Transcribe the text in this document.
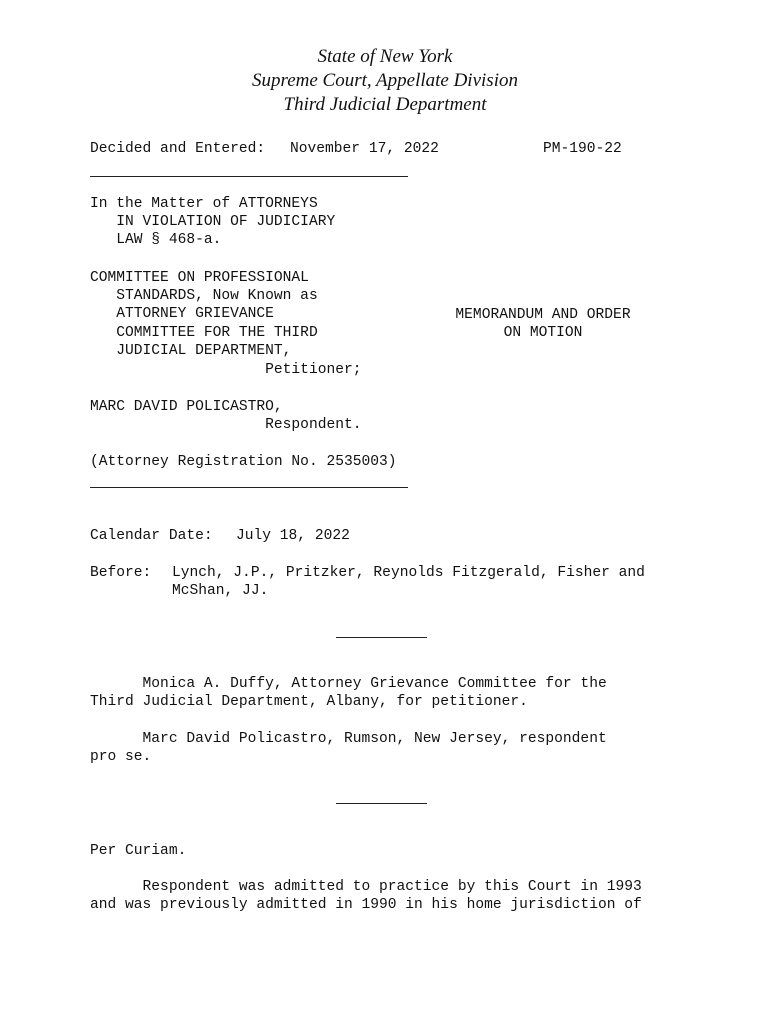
State of New York
Supreme Court, Appellate Division
Third Judicial Department
Decided and Entered: November 17, 2022	PM-190-22
In the Matter of ATTORNEYS
IN VIOLATION OF JUDICIARY
LAW § 468-a.
COMMITTEE ON PROFESSIONAL
STANDARDS, Now Known as
ATTORNEY GRIEVANCE
COMMITTEE FOR THE THIRD
JUDICIAL DEPARTMENT,
Petitioner;
MEMORANDUM AND ORDER
ON MOTION
MARC DAVID POLICASTRO,
Respondent.
(Attorney Registration No. 2535003)
Calendar Date: July 18, 2022
Before: Lynch, J.P., Pritzker, Reynolds Fitzgerald, Fisher and
McShan, JJ.
Monica A. Duffy, Attorney Grievance Committee for the
Third Judicial Department, Albany, for petitioner.
Marc David Policastro, Rumson, New Jersey, respondent
pro se.
Per Curiam.
Respondent was admitted to practice by this Court in 1993
and was previously admitted in 1990 in his home jurisdiction of
